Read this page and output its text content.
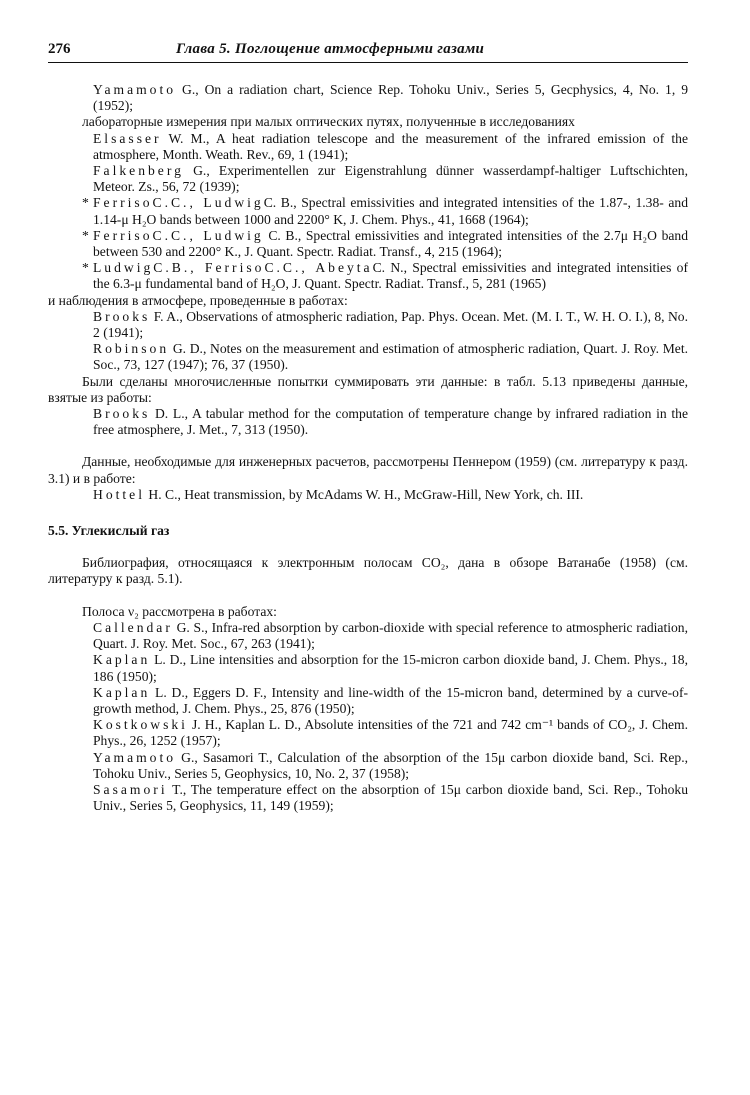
276	Глава 5. Поглощение атмосферными газами

Yamamoto G., On a radiation chart, Science Rep. Tohoku Univ., Series 5, Gecphysics, 4, No. 1, 9 (1952);

лабораторные измерения при малых оптических путях, полученные в исследованиях

Elsasser W. M., A heat radiation telescope and the measurement of the infrared emission of the atmosphere, Month. Weath. Rev., 69, 1 (1941);

Falkenberg G., Experimentellen zur Eigenstrahlung dünner wasserdampf-haltiger Luftschichten, Meteor. Zs., 56, 72 (1939);

* FerrisoC.C., LudwigC. B., Spectral emissivities and integrated intensities of the 1.87-, 1.38- and 1.14-μ H₂O bands between 1000 and 2200° K, J. Chem. Phys., 41, 1668 (1964);

* FerrisoC.C., Ludwig C. B., Spectral emissivities and integrated intensities of the 2.7μ H₂O band between 530 and 2200° K., J. Quant. Spectr. Radiat. Transf., 4, 215 (1964);

* LudwigC.B., FerrisoC.C., AbeytaC. N., Spectral emissivities and integrated intensities of the 6.3-μ fundamental band of H₂O, J. Quant. Spectr. Radiat. Transf., 5, 281 (1965)

и наблюдения в атмосфере, проведенные в работах:

Brooks F. A., Observations of atmospheric radiation, Pap. Phys. Ocean. Met. (M. I. T., W. H. O. I.), 8, No. 2 (1941);

Robinson G. D., Notes on the measurement and estimation of atmospheric radiation, Quart. J. Roy. Met. Soc., 73, 127 (1947); 76, 37 (1950).

Были сделаны многочисленные попытки суммировать эти данные: в табл. 5.13 приведены данные, взятые из работы:

Brooks D. L., A tabular method for the computation of temperature change by infrared radiation in the free atmosphere, J. Met., 7, 313 (1950).

Данные, необходимые для инженерных расчетов, рассмотрены Пеннером (1959) (см. литературу к разд. 3.1) и в работе:

Hottel H. C., Heat transmission, by McAdams W. H., McGraw-Hill, New York, ch. III.

5.5. Углекислый газ

Библиография, относящаяся к электронным полосам CO₂, дана в обзоре Ватанабе (1958) (см. литературу к разд. 5.1).

Полоса ν₂ рассмотрена в работах:

Callendar G. S., Infra-red absorption by carbon-dioxide with special reference to atmospheric radiation, Quart. J. Roy. Met. Soc., 67, 263 (1941);

Kaplan L. D., Line intensities and absorption for the 15-micron carbon dioxide band, J. Chem. Phys., 18, 186 (1950);

Kaplan L. D., Eggers D. F., Intensity and line-width of the 15-micron band, determined by a curve-of-growth method, J. Chem. Phys., 25, 876 (1950);

Kostkowski J. H., Kaplan L. D., Absolute intensities of the 721 and 742 cm⁻¹ bands of CO₂, J. Chem. Phys., 26, 1252 (1957);

Yamamoto G., Sasamori T., Calculation of the absorption of the 15μ carbon dioxide band, Sci. Rep., Tohoku Univ., Series 5, Geophysics, 10, No. 2, 37 (1958);

Sasamori T., The temperature effect on the absorption of 15μ carbon dioxide band, Sci. Rep., Tohoku Univ., Series 5, Geophysics, 11, 149 (1959);
